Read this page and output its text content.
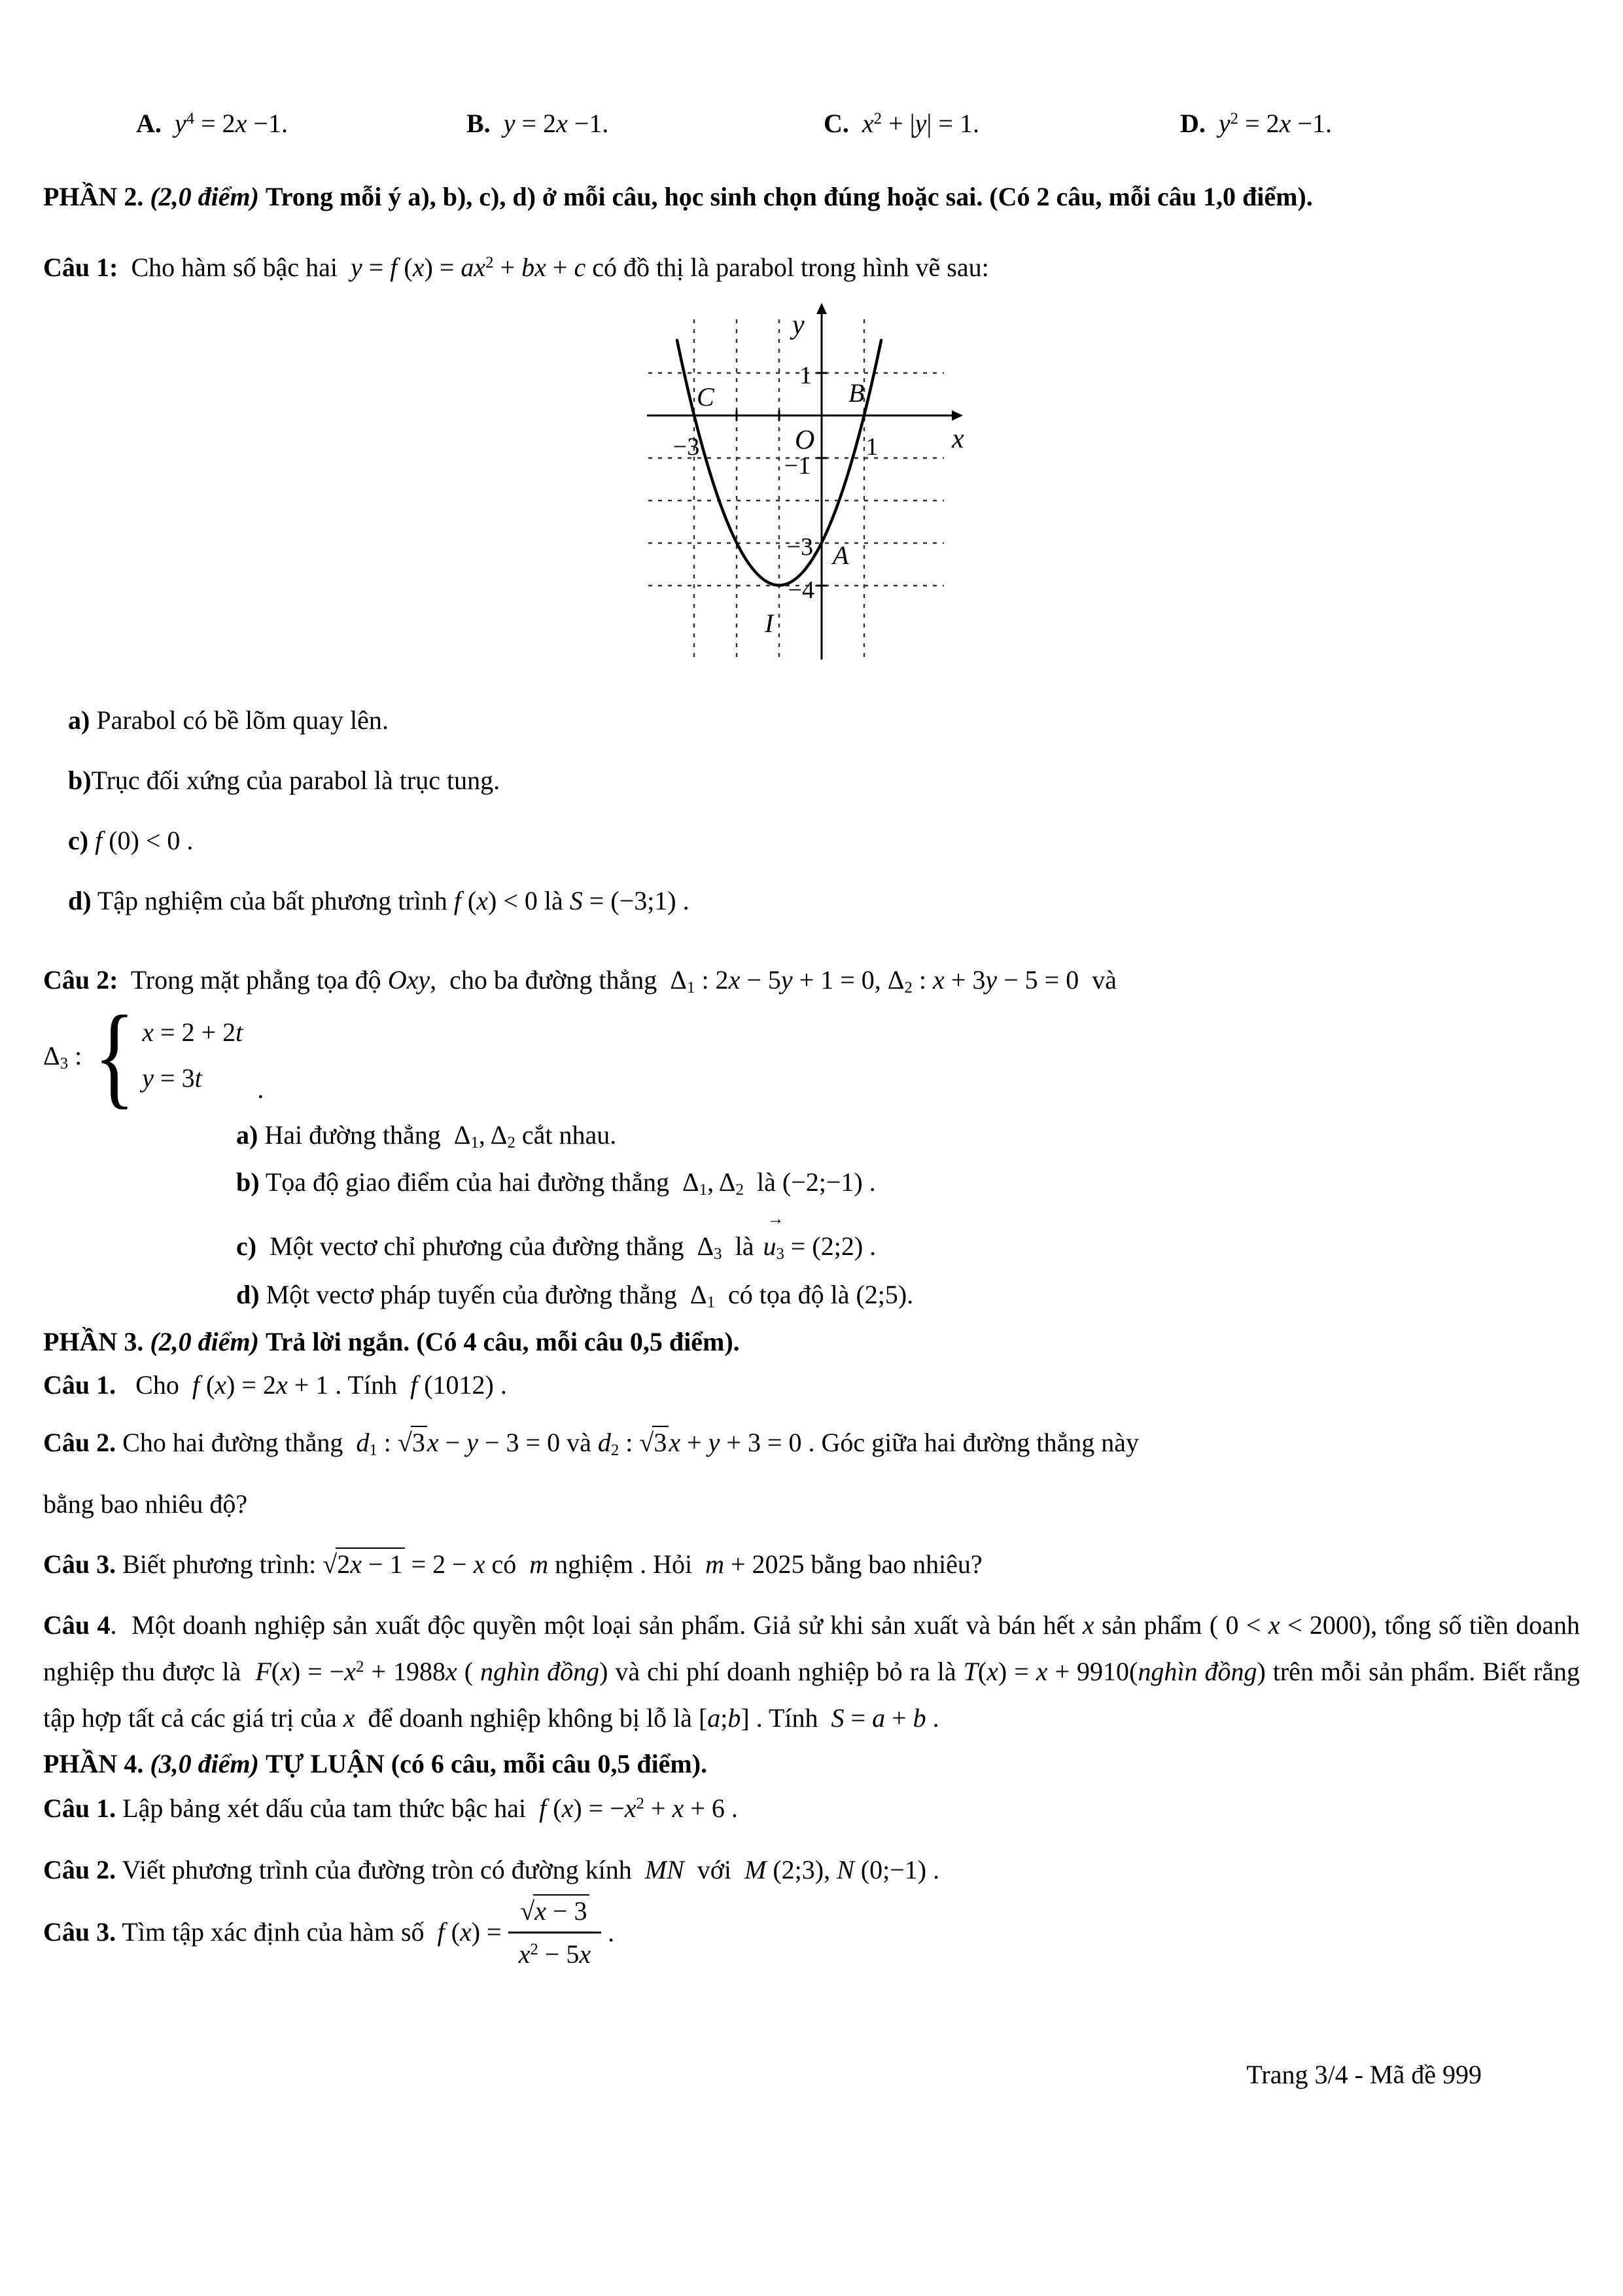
A. $y^4 = 2x -1$.	B. y = 2x −1.	C. $x^2 + |y| = 1$.	D. $y^2 = 2x -1$.

PHẦN 2. (2,0 điểm) Trong mỗi ý a), b), c), d) ở mỗi câu, học sinh chọn đúng hoặc sai. (Có 2 câu, mỗi câu 1,0 điểm).

Câu 1:  Cho hàm số bậc hai  y = f $(x) = ax^2$ + bx + c có đồ thị là parabol trong hình vẽ sau:

y
x
O
1
−3	1
−1
−3
−4
C	B
A
I

a) Parabol có bề lõm quay lên.

b)Trục đối xứng của parabol là trục tung.

c) f (0) < 0 .

d) Tập nghiệm của bất phương trình f (x) < 0 là S = (−3;1) .

Câu 2:  Trong mặt phẳng tọa độ Oxy,  cho ba đường thẳng  $\Delta_1$ : 2x − 5y + 1 = 0, $\Delta_2$ : x + 3y − 5 = 0  và

$\Delta_3$ : { x = 2 + 2t
y = 3t	.

a) Hai đường thẳng  $\Delta_1$, $\Delta_2$ cắt nhau.

b) Tọa độ giao điểm của hai đường thẳng  $\Delta_1$, $\Delta_2$  là (−2;−1) .

c)  Một vectơ chỉ phương của đường thẳng  $\Delta_3$  là
→
$u_3$ = (2;2) .

d) Một vectơ pháp tuyến của đường thẳng  $\Delta_1$  có tọa độ là (2;5).

PHẦN 3. (2,0 điểm) Trả lời ngắn. (Có 4 câu, mỗi câu 0,5 điểm).

Câu 1.   Cho  f (x) = 2x + 1 . Tính  f (1012) .

Câu 2. Cho hai đường thẳng  $d_1$ : √3x − y − 3 = 0 và $d_2$ : √3x + y + 3 = 0 . Góc giữa hai đường thẳng này

bằng bao nhiêu độ?

Câu 3. Biết phương trình: √2x − 1 = 2 − x có  m nghiệm . Hỏi  m + 2025 bằng bao nhiêu?

Câu 4.  Một doanh nghiệp sản xuất độc quyền một loại sản phẩm. Giả sử khi sản xuất và bán hết x sản phẩm ( 0 < x < 2000), tổng số tiền doanh nghiệp thu được là  $F(x) = -x^2 + 1988x$ ( nghìn đồng) và chi phí doanh nghiệp bỏ ra là T(x) = x + 9910(nghìn đồng) trên mỗi sản phẩm. Biết rằng tập hợp tất cả các giá trị của x  để doanh nghiệp không bị lỗ là [a;b] . Tính  S = a + b .

PHẦN 4. (3,0 điểm) TỰ LUẬN (có 6 câu, mỗi câu 0,5 điểm).

Câu 1. Lập bảng xét dấu của tam thức bậc hai  f $(x) = -x^2 + x + 6$ .

Câu 2. Viết phương trình của đường tròn có đường kính  MN  với  M (2;3), N (0;−1) .

Câu 3. Tìm tập xác định của hàm số  f $(x) = \frac{√x - 3}{x^2 - 5x}$ .

Trang 3/4 - Mã đề 999
